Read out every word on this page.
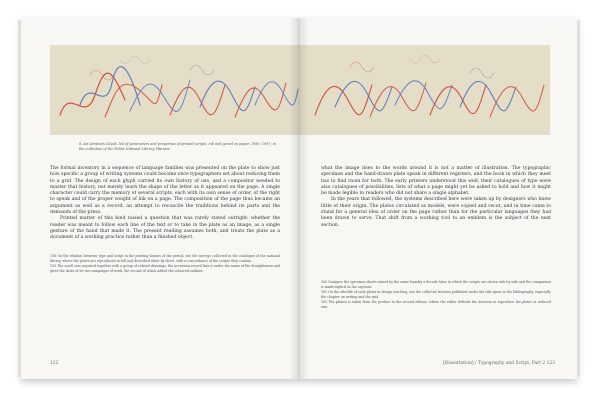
8. Ari Avraham Litvak, list of parameters and properties of printed scripts, ink and pencil on paper, 1990, 1997; in the collection of the Polish National Library, Warsaw.

The formal inventory in a sequence of language families was presented on the plate to show just how specific a group of writing systems could become once typographers set about reducing them to a grid. The design of each glyph carried its own history of use, and a compositor needed to master that history, not merely learn the shape of the letter as it appeared on the page. A single character could carry the memory of several scripts, each with its own sense of order, of the right to speak and of the proper weight of ink on a page. The composition of the page thus became an argument as well as a record, an attempt to reconcile the traditions behind its parts and the demands of the press.

Printed matter of this kind raised a question that was rarely stated outright: whether the reader was meant to follow each line of the text or to take in the plate as an image, as a single gesture of the hand that made it. The present reading assumes both, and treats the plate as a document of a working practice rather than a finished object.

158 On the relation between type and script in the printing houses of the period, see the surveys collected in the catalogue of the national library, where the plates are reproduced in full and described sheet by sheet, with a concordance of the scripts they contain.

159 The scroll was acquired together with a group of related drawings; the accession record lists it under the name of the draughtsman and gives the dates of its two campaigns of work, the second of which added the coloured outlines.

122

what the image does to the words around it is not a matter of illustration. The typographic specimen and the hand-drawn plate speak in different registers, and the book in which they meet has to find room for both. The early printers understood this well; their catalogues of type were also catalogues of possibilities, lists of what a page might yet be asked to hold and how it might be made legible to readers who did not share a single alphabet.

In the years that followed, the systems described here were taken up by designers who knew little of their origin. The plates circulated as models, were copied and recut, and in time came to stand for a general idea of order on the page rather than for the particular languages they had been drawn to serve. That shift from a working tool to an emblem is the subject of the next section.

160 Compare the specimen sheets issued by the same foundry a decade later, in which the scripts are shown side by side and the comparison is made explicit in the captions.

161 On the afterlife of such plates in design teaching, see the collected lectures published under the title given in the bibliography, especially the chapter on writing and the grid.

162 The phrase is taken from the preface to the second edition, where the editor defends the decision to reproduce the plates at reduced size.

[Dissertation] / Typography and Script, Part 2 123
